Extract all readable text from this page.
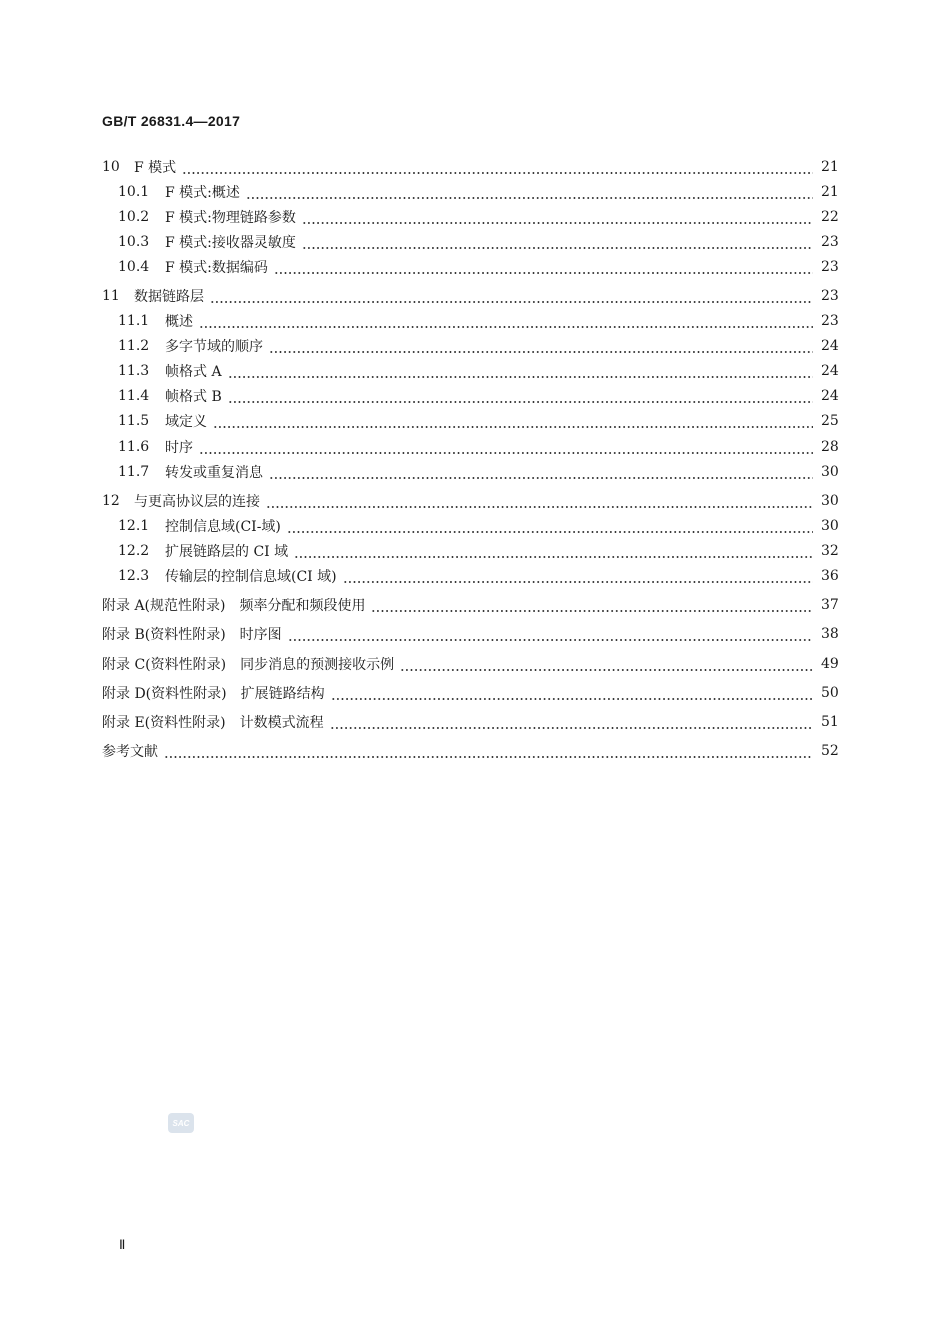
GB/T 26831.4—2017
10	F 模式	21
10.1	F 模式:概述	21
10.2	F 模式:物理链路参数	22
10.3	F 模式:接收器灵敏度	23
10.4	F 模式:数据编码	23
11	数据链路层	23
11.1	概述	23
11.2	多字节域的顺序	24
11.3	帧格式 A	24
11.4	帧格式 B	24
11.5	域定义	25
11.6	时序	28
11.7	转发或重复消息	30
12	与更高协议层的连接	30
12.1	控制信息域(CI-域)	30
12.2	扩展链路层的 CI 域	32
12.3	传输层的控制信息域(CI 域)	36
附录 A(规范性附录)　频率分配和频段使用	37
附录 B(资料性附录)　时序图	38
附录 C(资料性附录)　同步消息的预测接收示例	49
附录 D(资料性附录)　扩展链路结构	50
附录 E(资料性附录)　计数模式流程	51
参考文献	52
SAC
Ⅱ
